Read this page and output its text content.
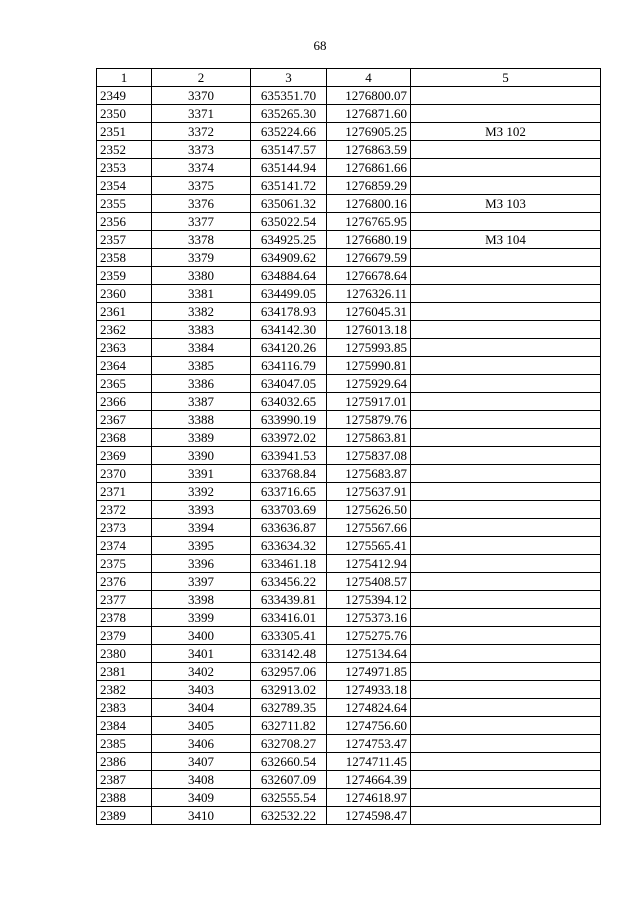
68
1	2	3	4	5
2349	3370	635351.70	1276800.07	
2350	3371	635265.30	1276871.60	
2351	3372	635224.66	1276905.25	МЗ 102
2352	3373	635147.57	1276863.59	
2353	3374	635144.94	1276861.66	
2354	3375	635141.72	1276859.29	
2355	3376	635061.32	1276800.16	МЗ 103
2356	3377	635022.54	1276765.95	
2357	3378	634925.25	1276680.19	МЗ 104
2358	3379	634909.62	1276679.59	
2359	3380	634884.64	1276678.64	
2360	3381	634499.05	1276326.11	
2361	3382	634178.93	1276045.31	
2362	3383	634142.30	1276013.18	
2363	3384	634120.26	1275993.85	
2364	3385	634116.79	1275990.81	
2365	3386	634047.05	1275929.64	
2366	3387	634032.65	1275917.01	
2367	3388	633990.19	1275879.76	
2368	3389	633972.02	1275863.81	
2369	3390	633941.53	1275837.08	
2370	3391	633768.84	1275683.87	
2371	3392	633716.65	1275637.91	
2372	3393	633703.69	1275626.50	
2373	3394	633636.87	1275567.66	
2374	3395	633634.32	1275565.41	
2375	3396	633461.18	1275412.94	
2376	3397	633456.22	1275408.57	
2377	3398	633439.81	1275394.12	
2378	3399	633416.01	1275373.16	
2379	3400	633305.41	1275275.76	
2380	3401	633142.48	1275134.64	
2381	3402	632957.06	1274971.85	
2382	3403	632913.02	1274933.18	
2383	3404	632789.35	1274824.64	
2384	3405	632711.82	1274756.60	
2385	3406	632708.27	1274753.47	
2386	3407	632660.54	1274711.45	
2387	3408	632607.09	1274664.39	
2388	3409	632555.54	1274618.97	
2389	3410	632532.22	1274598.47	
